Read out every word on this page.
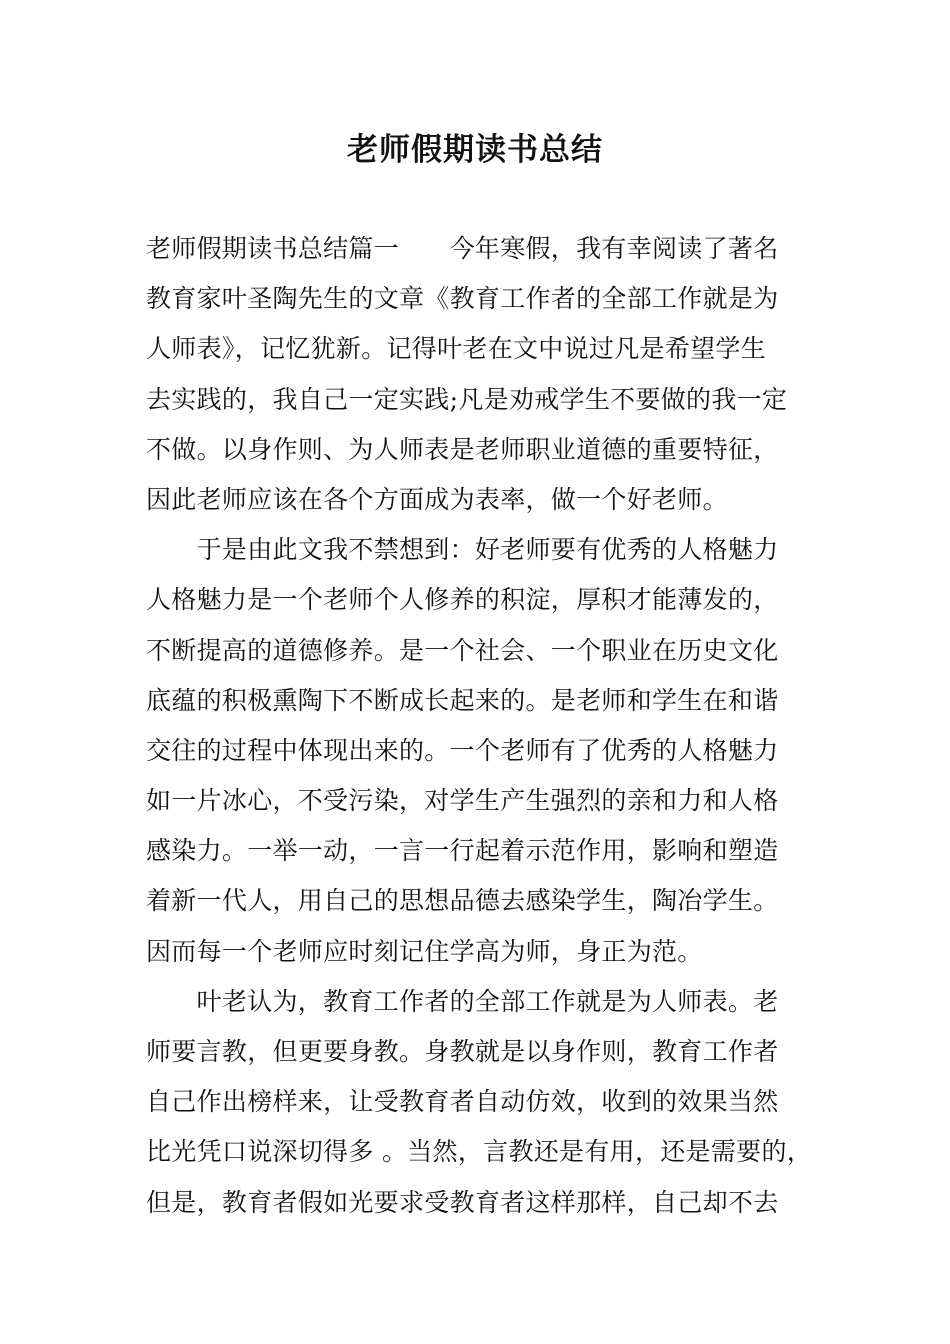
老师假期读书总结
老师假期读书总结篇一　　今年寒假，我有幸阅读了著名
教育家叶圣陶先生的文章《教育工作者的全部工作就是为
人师表》，记忆犹新。记得叶老在文中说过凡是希望学生
去实践的，我自己一定实践;凡是劝戒学生不要做的我一定
不做。以身作则、为人师表是老师职业道德的重要特征，
因此老师应该在各个方面成为表率，做一个好老师。
　　于是由此文我不禁想到：好老师要有优秀的人格魅力
人格魅力是一个老师个人修养的积淀，厚积才能薄发的，
不断提高的道德修养。是一个社会、一个职业在历史文化
底蕴的积极熏陶下不断成长起来的。是老师和学生在和谐
交往的过程中体现出来的。一个老师有了优秀的人格魅力
如一片冰心，不受污染，对学生产生强烈的亲和力和人格
感染力。一举一动，一言一行起着示范作用，影响和塑造
着新一代人，用自己的思想品德去感染学生，陶冶学生。
因而每一个老师应时刻记住学高为师，身正为范。
　　叶老认为，教育工作者的全部工作就是为人师表。老
师要言教，但更要身教。身教就是以身作则，教育工作者
自己作出榜样来，让受教育者自动仿效，收到的效果当然
比光凭口说深切得多 。当然，言教还是有用，还是需要的，
但是，教育者假如光要求受教育者这样那样，自己却不去
